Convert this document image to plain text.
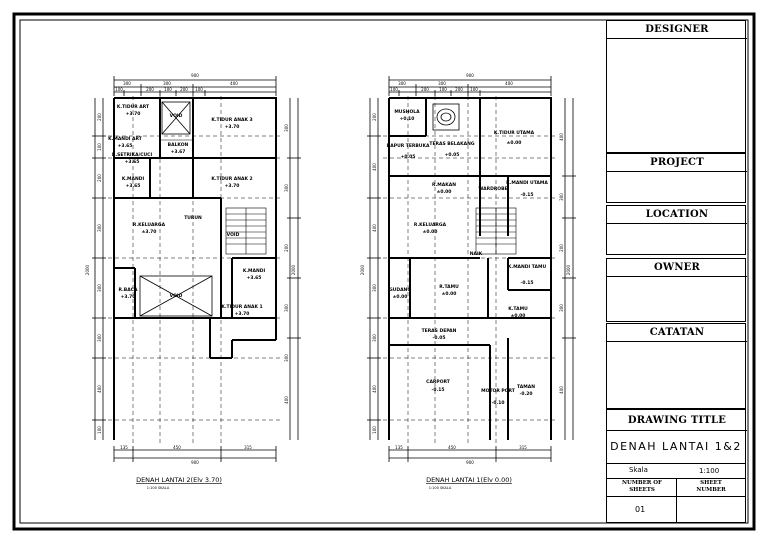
900
300	300	400
100	200	100 200 100
135	450	315
900
2000	2000
200
100
200
300
300
300
400
100
300
300
200
300
300
400
K.TIDUR ART
+3.70	VOID
K.TIDUR ANAK 3
+3.70
K.MANDI ART
+3.65	BALKON
+3.67
R.SETRIKA/CUCI
+3.65
K.MANDI
+3.65
K.TIDUR ANAK 2
+3.70
R.KELUARGA
±3.70
TURUN
VOID
K.MANDI
+3.65
R.BACA
+3.70	VOID
K.TIDUR ANAK 1
+3.70
DENAH LANTAI 2(Elv 3.70)
1:100 SKALA
900
300	300	400
100	200	100 200 100
135	450	315
900
2000	2000
200
400
400
300
300
400
100
400
300
200
300
400
MUSHOLA
+0.10
DAPUR TERBUKA
+0.05
TERAS BELAKANG
+0.05
K.TIDUR UTAMA
±0.00
R.MAKAN
±0.00
WARDROBE
K.MANDI UTAMA
-0.15
R.KELUARGA
±0.00
NAIK
K.MANDI TAMU
-0.15
GUDANG
±0.00
R.TAMU
±0.00
K.TAMU
±0.00
TERAS DEPAN
-0.05
CARPORT
-0.15	MOTOR PORT
-0.10
TAMAN
-0.20
DENAH LANTAI 1(Elv 0.00)
1:100 SKALA
DESIGNER
PROJECT
LOCATION
OWNER
CATATAN
DRAWING TITLE
DENAH LANTAI 1&2
Skala	1:100
NUMBER OF SHEETS
SHEET NUMBER
01
